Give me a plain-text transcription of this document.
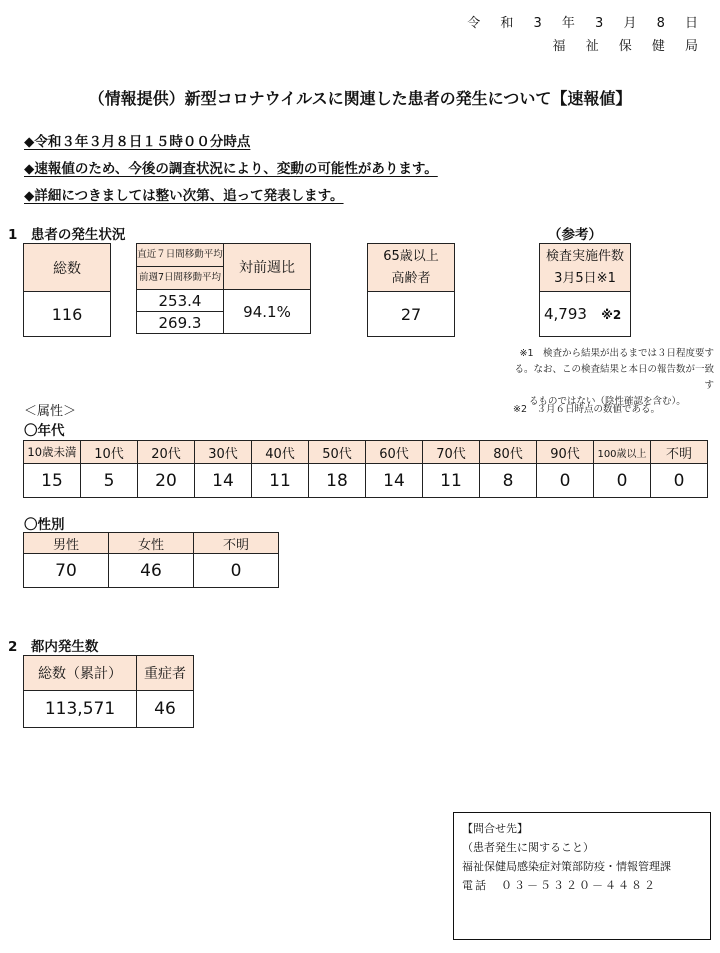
令 和 3 年 3 月 8 日
福 祉 保 健 局
（情報提供）新型コロナウイルスに関連した患者の発生について【速報値】
◆令和３年３月８日１５時００分時点
◆速報値のため、今後の調査状況により、変動の可能性があります。
◆詳細につきましては整い次第、追って発表します。
1　患者の発生状況	（参考）
総数
116
直近７日間移動平均	対前週比
前週7日間移動平均	
253.4	94.1%
269.3	
65歳以上
高齢者
27
検査実施件数
3月5日※1
4,793 ※2
※1　検査から結果が出るまでは３日程度要す
る。なお、この検査結果と本日の報告数が一致す
るものではない（陰性確認を含む）。
※2　３月６日時点の数値である。
＜属性＞
〇年代
10歳未満	10代	20代	30代	40代	50代	60代	70代	80代	90代	100歳以上	不明
15	5	20	14	11	18	14	11	8	0	0	0
〇性別
男性	女性	不明
70	46	0
2　都内発生数
総数（累計）	重症者
113,571	46
【問合せ先】
（患者発生に関すること）
福祉保健局感染症対策部防疫・情報管理課
電話　０３－５３２０－４４８２
